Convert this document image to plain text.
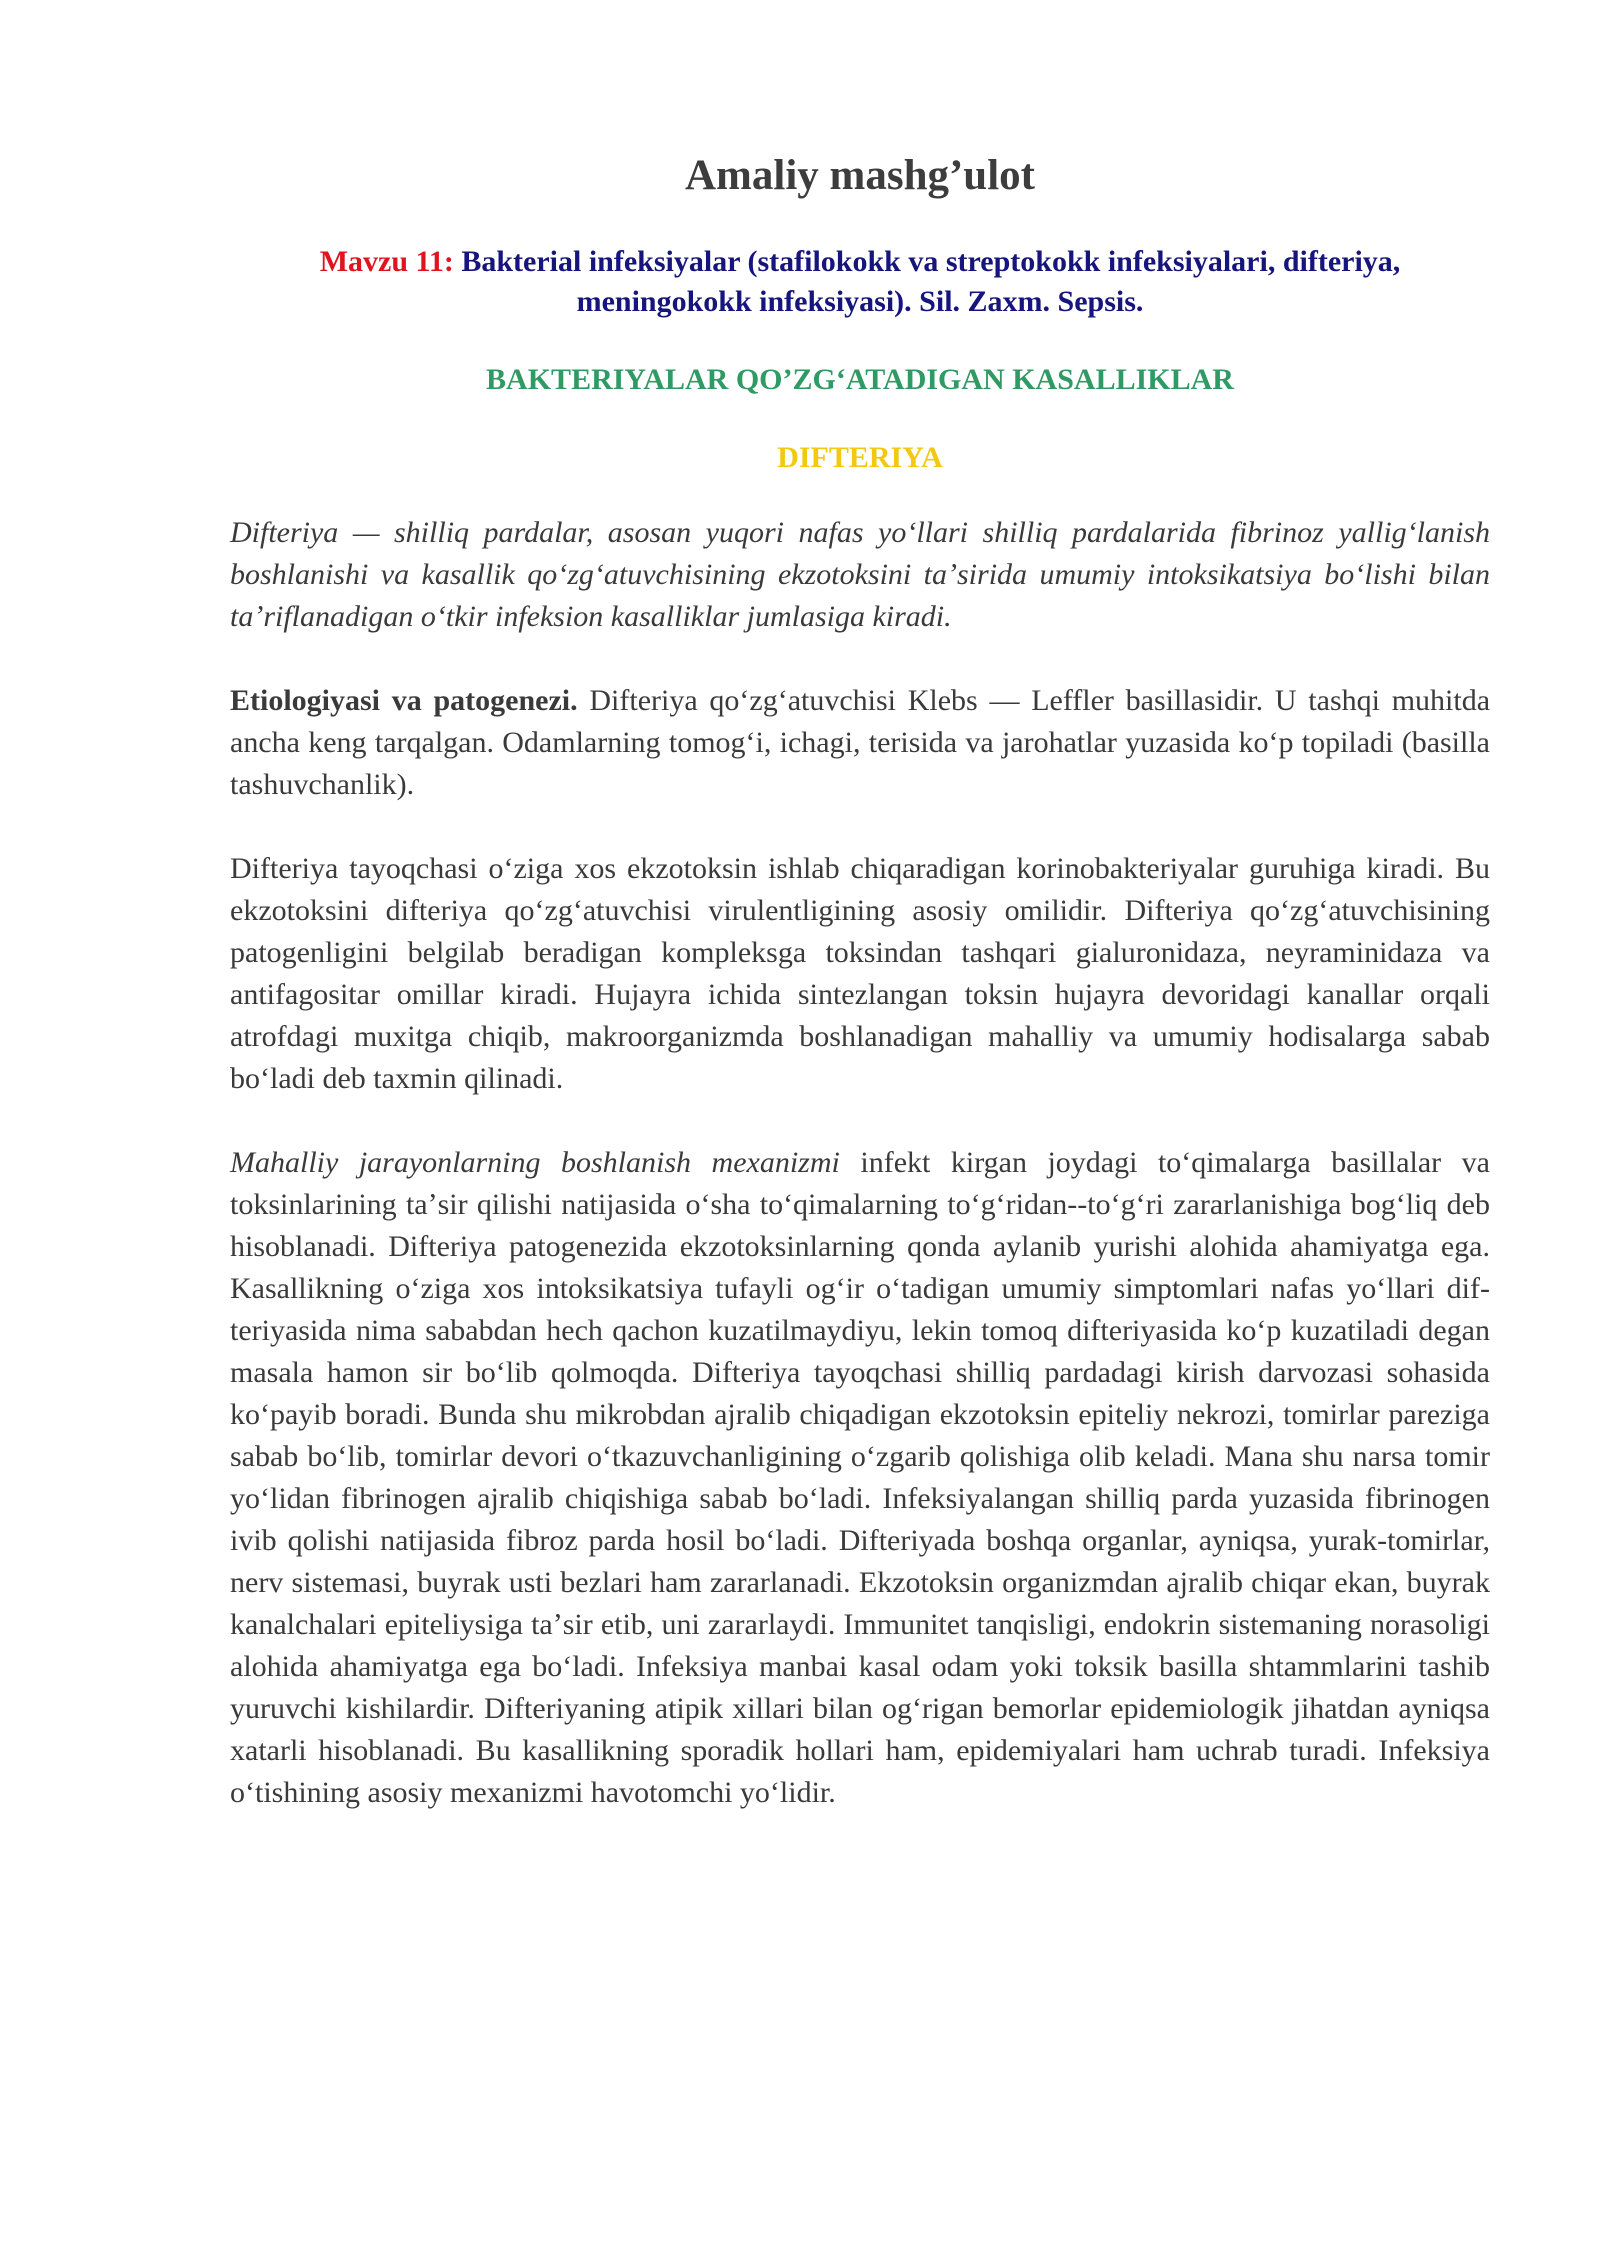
Amaliy mashg’ulot

Mavzu 11: Bakterial infeksiyalar (stafilokokk va streptokokk infeksiyalari, difteriya, meningokokk infeksiyasi). Sil. Zaxm. Sepsis.

BAKTERIYALAR QO’ZGʻATADIGAN KASALLIKLAR

DIFTERIYA

Difteriya — shilliq pardalar, asosan yuqori nafas yoʻllari shilliq pardalarida fibrinoz yalligʻlanish boshlanishi va kasallik qoʻzgʻatuvchisining ekzotoksini taʼsirida umumiy intoksikatsiya boʻlishi bilan taʼriflanadigan oʻtkir infeksion kasalliklar jumlasiga kiradi.

Etiologiyasi va patogenezi. Difteriya qoʻzgʻatuvchisi Klebs — Leffler basillasidir. U tashqi muhitda ancha keng tarqalgan. Odamlarning tomogʻi, ichagi, terisida va jarohatlar yuzasida koʻp topiladi (basilla tashuvchanlik).

Difteriya tayoqchasi oʻziga xos ekzotoksin ishlab chiqaradigan korinobakteriyalar guruhiga kiradi. Bu ekzotoksini difteriya qoʻzgʻatuvchisi virulentligining asosiy omilidir. Difteriya qoʻzgʻatuvchisining patogenligini belgilab beradigan kompleksga toksindan tashqari gialuronidaza, neyraminidaza va antifagositar omillar kiradi. Hujayra ichida sintezlangan toksin hujayra devoridagi kanallar orqali atrofdagi muxitga chiqib, makroorganizmda boshlanadigan mahalliy va umumiy hodisalarga sabab boʻladi deb taxmin qilinadi.

Mahalliy jarayonlarning boshlanish mexanizmi infekt kirgan joydagi toʻqimalarga basillalar va toksinlarining taʼsir qilishi natijasida oʻsha toʻqimalarning toʻgʻridan--toʻgʻri zararlanishiga bogʻliq deb hisoblanadi. Difteriya patogenezida ekzotoksinlarning qonda aylanib yurishi alohida ahamiyatga ega. Kasallikning oʻziga xos intoksikatsiya tufayli ogʻir oʻtadigan umumiy simptomlari nafas yoʻllari difteriyasida nima sababdan hech qachon kuzatilmaydiyu, lekin tomoq difteriyasida koʻp kuzatiladi degan masala hamon sir boʻlib qolmoqda. Difteriya tayoqchasi shilliq pardadagi kirish darvozasi sohasida koʻpayib boradi. Bunda shu mikrobdan ajralib chiqadigan ekzotoksin epiteliy nekrozi, tomirlar pareziga sabab boʻlib, tomirlar devori oʻtkazuvchanligining oʻzgarib qolishiga olib keladi. Mana shu narsa tomir yoʻlidan fibrinogen ajralib chiqishiga sabab boʻladi. Infeksiyalangan shilliq parda yuzasida fibrinogen ivib qolishi natijasida fibroz parda hosil boʻladi. Difteriyada boshqa organlar, ayniqsa, yurak-tomirlar, nerv sistemasi, buyrak usti bezlari ham zararlanadi. Ekzotoksin organizmdan ajralib chiqar ekan, buyrak kanalchalari epiteliysiga taʼsir etib, uni zararlaydi. Immunitet tanqisligi, endokrin sistemaning norasoligi alohida ahamiyatga ega boʻladi. Infeksiya manbai kasal odam yoki toksik basilla shtammlarini tashib yuruvchi kishilardir. Difteriyaning atipik xillari bilan ogʻrigan bemorlar epidemiologik jihatdan ayniqsa xatarli hisoblanadi. Bu kasallikning sporadik hollari ham, epidemiyalari ham uchrab turadi. Infeksiya oʻtishining asosiy mexanizmi havotomchi yoʻlidir.
